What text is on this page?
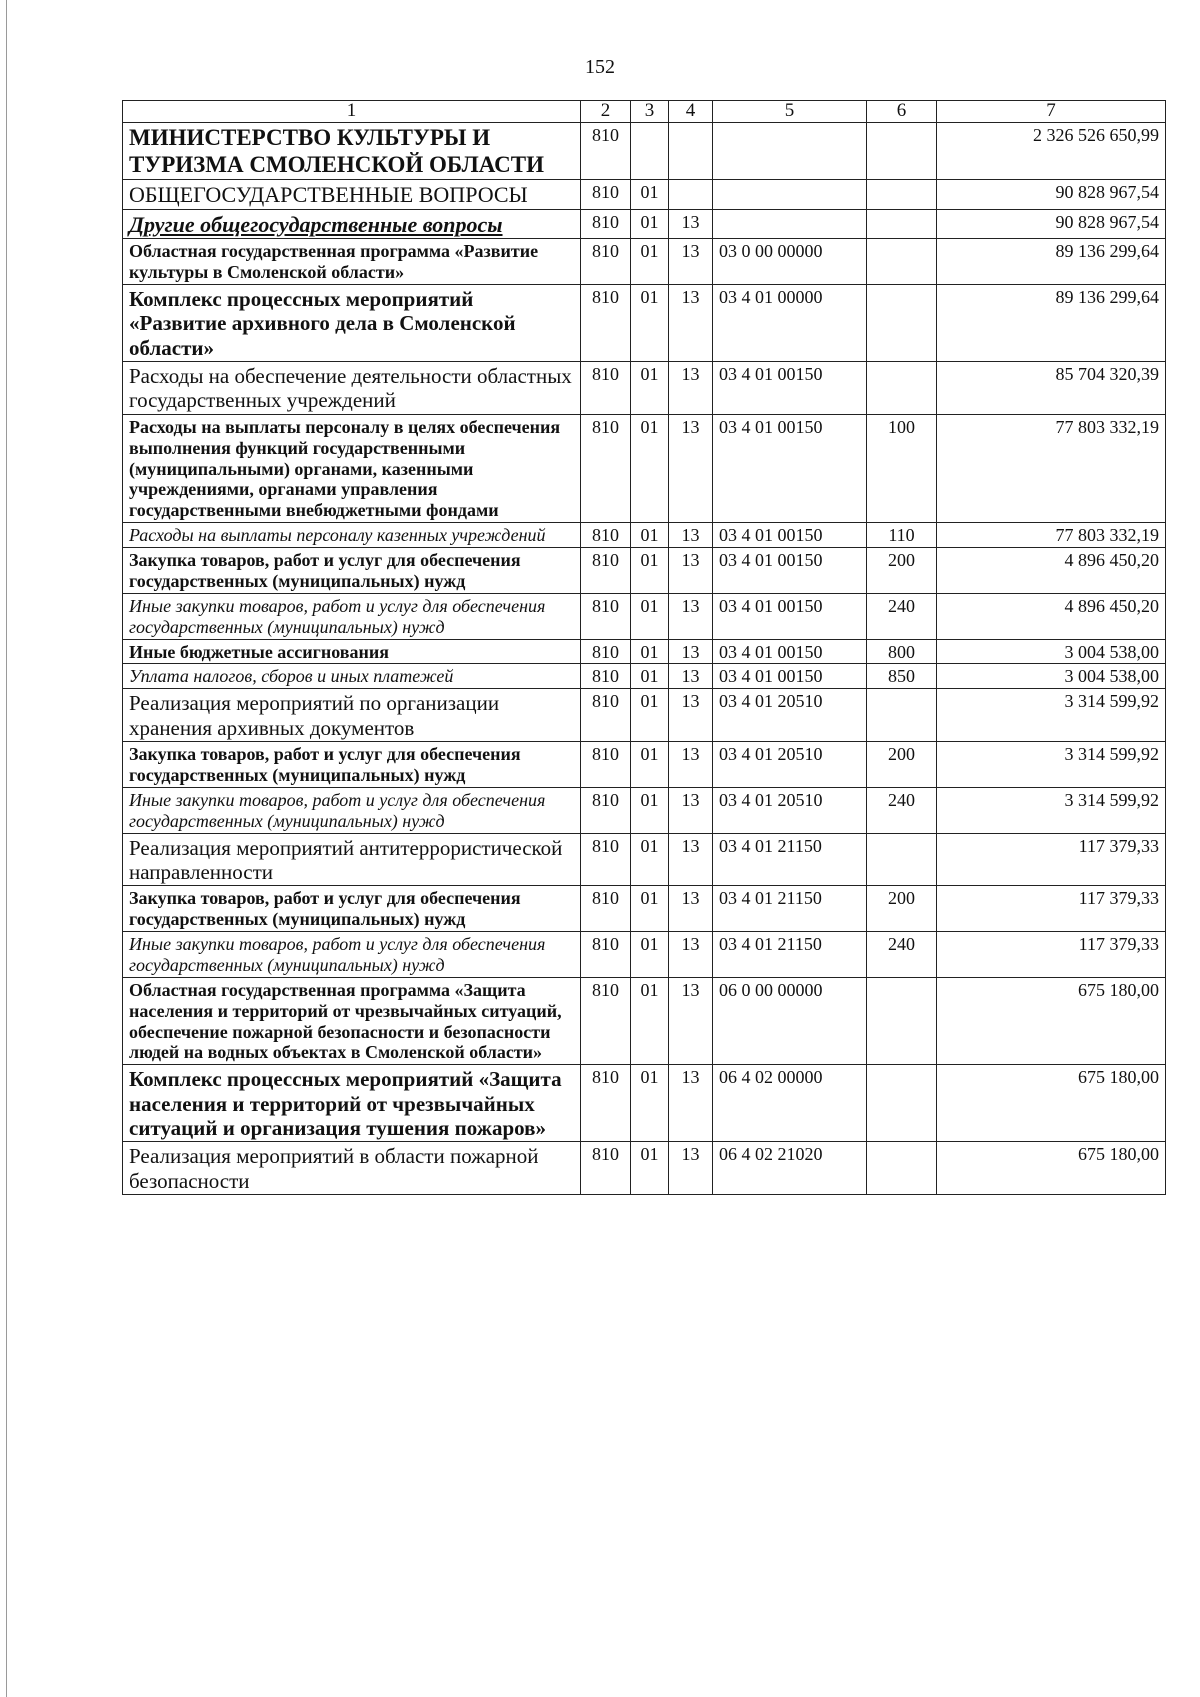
152
1	2	3	4	5	6	7
МИНИСТЕРСТВО КУЛЬТУРЫ И ТУРИЗМА СМОЛЕНСКОЙ ОБЛАСТИ	810					2 326 526 650,99
ОБЩЕГОСУДАРСТВЕННЫЕ ВОПРОСЫ	810	01				90 828 967,54
Другие общегосударственные вопросы	810	01	13			90 828 967,54
Областная государственная программа «Развитие культуры в Смоленской области»	810	01	13	03 0 00 00000		89 136 299,64
Комплекс процессных мероприятий «Развитие архивного дела в Смоленской области»	810	01	13	03 4 01 00000		89 136 299,64
Расходы на обеспечение деятельности областных государственных учреждений	810	01	13	03 4 01 00150		85 704 320,39
Расходы на выплаты персоналу в целях обеспечения выполнения функций государственными (муниципальными) органами, казенными учреждениями, органами управления государственными внебюджетными фондами	810	01	13	03 4 01 00150	100	77 803 332,19
Расходы на выплаты персоналу казенных учреждений	810	01	13	03 4 01 00150	110	77 803 332,19
Закупка товаров, работ и услуг для обеспечения государственных (муниципальных) нужд	810	01	13	03 4 01 00150	200	4 896 450,20
Иные закупки товаров, работ и услуг для обеспечения государственных (муниципальных) нужд	810	01	13	03 4 01 00150	240	4 896 450,20
Иные бюджетные ассигнования	810	01	13	03 4 01 00150	800	3 004 538,00
Уплата налогов, сборов и иных платежей	810	01	13	03 4 01 00150	850	3 004 538,00
Реализация мероприятий по организации хранения архивных документов	810	01	13	03 4 01 20510		3 314 599,92
Закупка товаров, работ и услуг для обеспечения государственных (муниципальных) нужд	810	01	13	03 4 01 20510	200	3 314 599,92
Иные закупки товаров, работ и услуг для обеспечения государственных (муниципальных) нужд	810	01	13	03 4 01 20510	240	3 314 599,92
Реализация мероприятий антитеррористической направленности	810	01	13	03 4 01 21150		117 379,33
Закупка товаров, работ и услуг для обеспечения государственных (муниципальных) нужд	810	01	13	03 4 01 21150	200	117 379,33
Иные закупки товаров, работ и услуг для обеспечения государственных (муниципальных) нужд	810	01	13	03 4 01 21150	240	117 379,33
Областная государственная программа «Защита населения и территорий от чрезвычайных ситуаций, обеспечение пожарной безопасности и безопасности людей на водных объектах в Смоленской области»	810	01	13	06 0 00 00000		675 180,00
Комплекс процессных мероприятий «Защита населения и территорий от чрезвычайных ситуаций и организация тушения пожаров»	810	01	13	06 4 02 00000		675 180,00
Реализация мероприятий в области пожарной безопасности	810	01	13	06 4 02 21020		675 180,00
